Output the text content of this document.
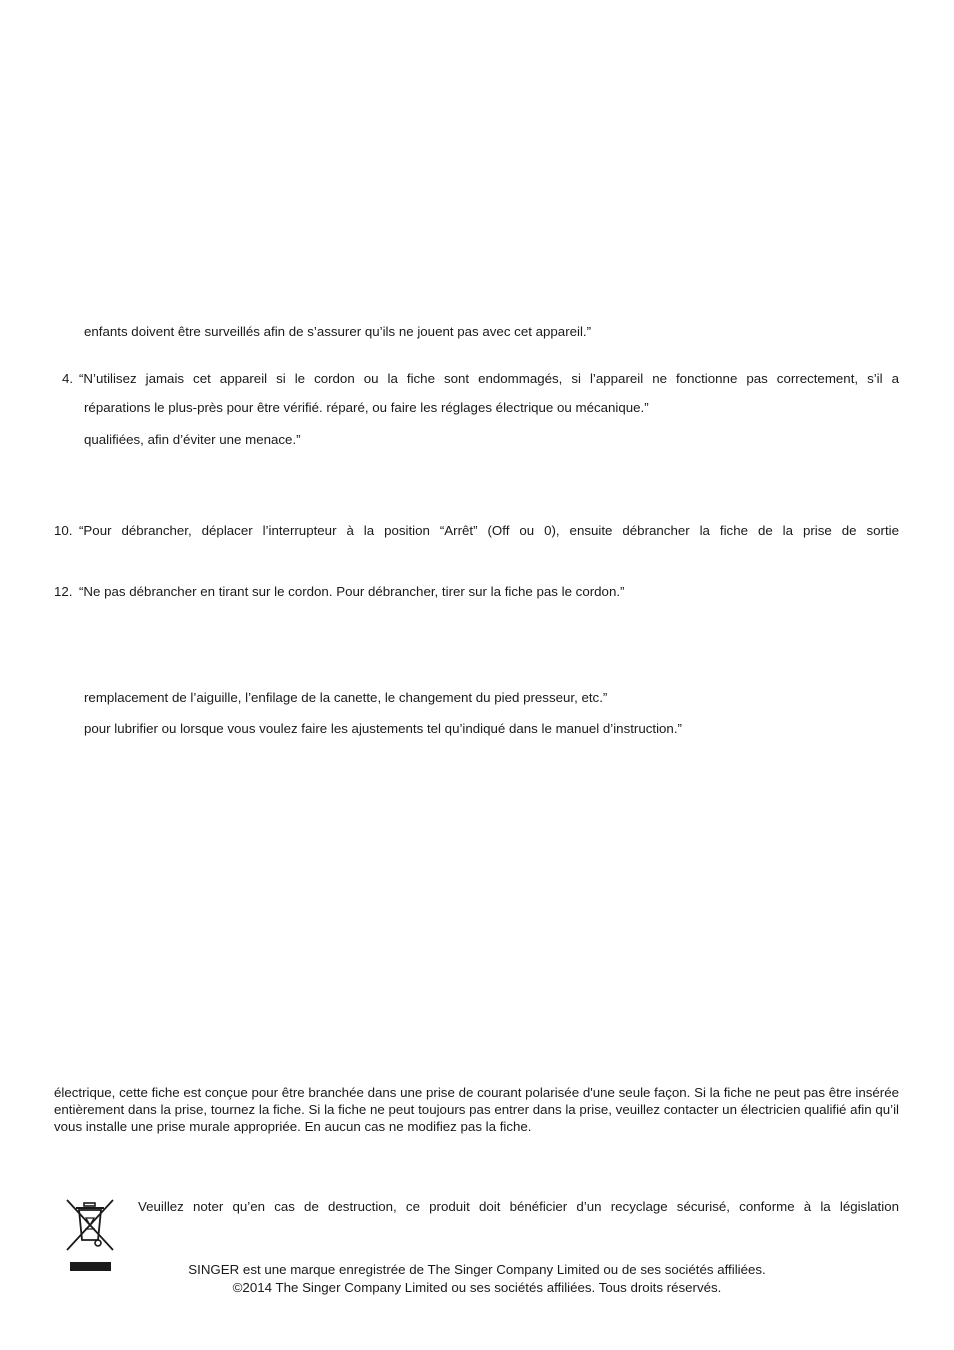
enfants doivent être surveillés afin de s’assurer qu’ils ne jouent pas avec cet appareil.”
4. “N’utilisez jamais cet appareil si le cordon ou la fiche sont endommagés, si l’appareil ne fonctionne pas correctement, s’il a
réparations le plus-près pour être vérifié. réparé, ou faire les réglages électrique ou mécanique.”
qualifiées, afin d’éviter une menace.”
10. “Pour débrancher, déplacer l’interrupteur à la position “Arrêt” (Off ou 0), ensuite débrancher la fiche de la prise de sortie
12. “Ne pas débrancher en tirant sur le cordon. Pour débrancher, tirer sur la fiche pas le cordon.”
remplacement de l’aiguille, l’enfilage de la canette, le changement du pied presseur, etc.”
pour lubrifier ou lorsque vous voulez faire les ajustements tel qu’indiqué dans le manuel d’instruction.”
électrique, cette fiche est conçue pour être branchée dans une prise de courant polarisée d'une seule façon. Si la fiche ne peut pas être insérée entièrement dans la prise, tournez la fiche. Si la fiche ne peut toujours pas entrer dans la prise, veuillez contacter un électricien qualifié afin qu’il vous installe une prise murale appropriée. En aucun cas ne modifiez pas la fiche.
Veuillez noter qu’en cas de destruction, ce produit doit bénéficier d’un recyclage sécurisé, conforme à la législation
SINGER est une marque enregistrée de The Singer Company Limited ou de ses sociétés affiliées.
©2014 The Singer Company Limited ou ses sociétés affiliées. Tous droits réservés.
